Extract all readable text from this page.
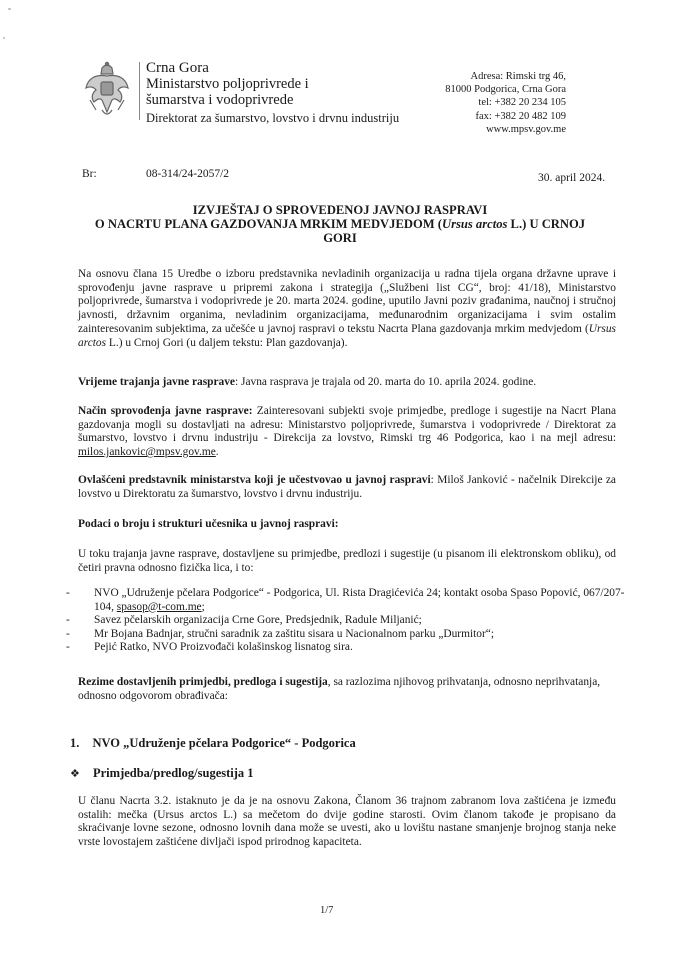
Crna Gora
Ministarstvo poljoprivrede i
šumarstva i vodoprivrede
Direktorat za šumarstvo, lovstvo i drvnu industriju
Adresa: Rimski trg 46,
81000 Podgorica, Crna Gora
tel: +382 20 234 105
fax: +382 20 482 109
www.mpsv.gov.me
Br:	08-314/24-2057/2	30. april 2024.
IZVJEŠTAJ O SPROVEDENOJ JAVNOJ RASPRAVI
O NACRTU PLANA GAZDOVANJA MRKIM MEDVJEDOM (Ursus arctos L.) U CRNOJ
GORI

Na osnovu člana 15 Uredbe o izboru predstavnika nevladinih organizacija u radna tijela organa državne uprave i sprovođenju javne rasprave u pripremi zakona i strategija („Službeni list CG“, broj: 41/18), Ministarstvo poljoprivrede, šumarstva i vodoprivrede je 20. marta 2024. godine, uputilo Javni poziv građanima, naučnoj i stručnoj javnosti, državnim organima, nevladinim organizacijama, međunarodnim organizacijama i svim ostalim zainteresovanim subjektima, za učešće u javnoj raspravi o tekstu Nacrta Plana gazdovanja mrkim medvjedom (Ursus arctos L.) u Crnoj Gori (u daljem tekstu: Plan gazdovanja).

Vrijeme trajanja javne rasprave: Javna rasprava je trajala od 20. marta do 10. aprila 2024. godine.

Način sprovođenja javne rasprave: Zainteresovani subjekti svoje primjedbe, predloge i sugestije na Nacrt Plana gazdovanja mogli su dostavljati na adresu: Ministarstvo poljoprivrede, šumarstva i vodoprivrede / Direktorat za šumarstvo, lovstvo i drvnu industriju - Direkcija za lovstvo, Rimski trg 46 Podgorica, kao i na mejl adresu: milos.jankovic@mpsv.gov.me.

Ovlašćeni predstavnik ministarstva koji je učestvovao u javnoj raspravi: Miloš Janković - načelnik Direkcije za lovstvo u Direktoratu za šumarstvo, lovstvo i drvnu industriju.

Podaci o broju i strukturi učesnika u javnoj raspravi:

U toku trajanja javne rasprave, dostavljene su primjedbe, predlozi i sugestije (u pisanom ili elektronskom obliku), od četiri pravna odnosno fizička lica, i to:

-	NVO „Udruženje pčelara Podgorice“ - Podgorica, Ul. Rista Dragićevića 24; kontakt osoba Spaso Popović, 067/207-104, spasop@t-com.me;
-	Savez pčelarskih organizacija Crne Gore, Predsjednik, Radule Miljanić;
-	Mr Bojana Badnjar, stručni saradnik za zaštitu sisara u Nacionalnom parku „Durmitor“;
-	Pejić Ratko, NVO Proizvođači kolašinskog lisnatog sira.

Rezime dostavljenih primjedbi, predloga i sugestija, sa razlozima njihovog prihvatanja, odnosno neprihvatanja, odnosno odgovorom obrađivača:

1. NVO „Udruženje pčelara Podgorice“ - Podgorica
❖ Primjedba/predlog/sugestija 1

U članu Nacrta 3.2. istaknuto je da je na osnovu Zakona, Članom 36 trajnom zabranom lova zaštićena je između ostalih: mečka (Ursus arctos L.) sa mečetom do dvije godine starosti. Ovim članom takođe je propisano da skraćivanje lovne sezone, odnosno lovnih dana može se uvesti, ako u lovištu nastane smanjenje brojnog stanja neke vrste lovostajem zaštićene divljači ispod prirodnog kapaciteta.

1/7
